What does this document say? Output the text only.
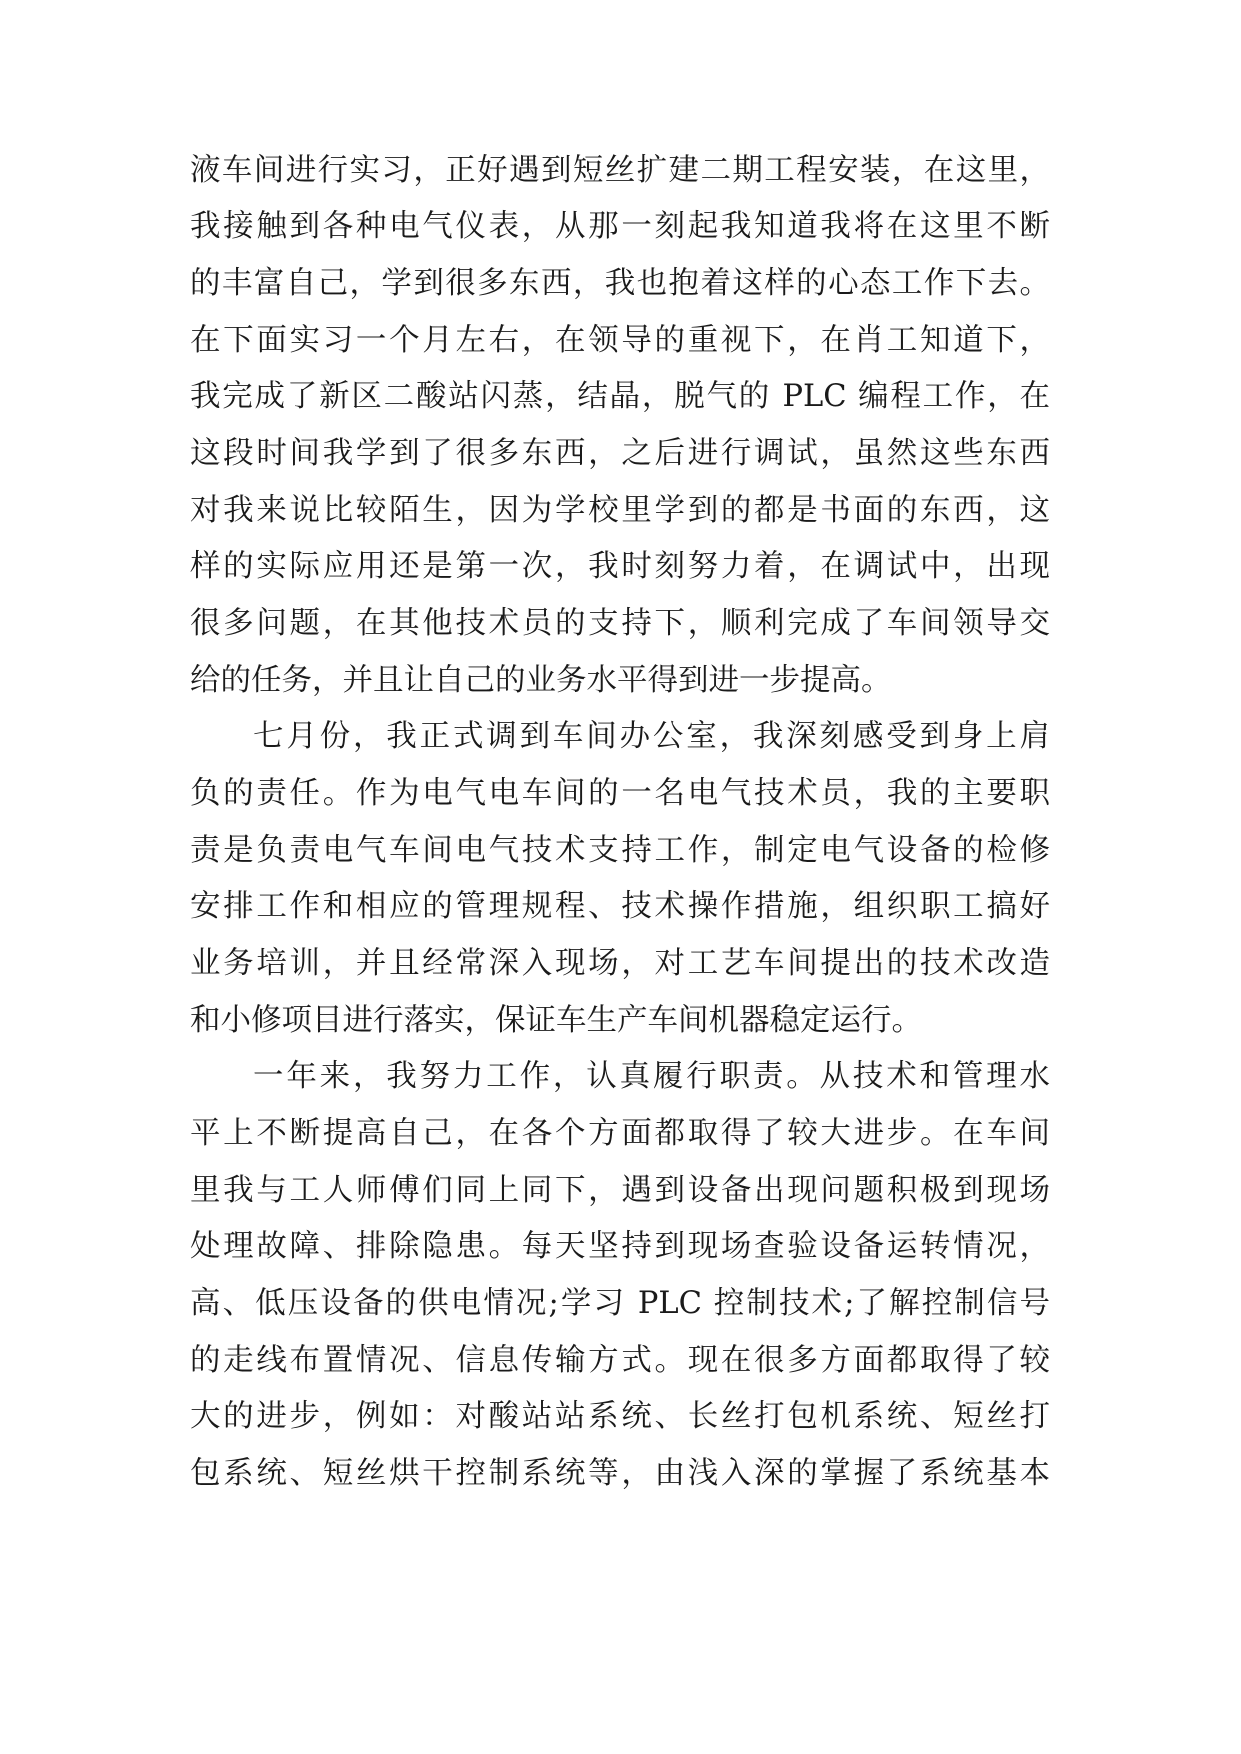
液车间进行实习，正好遇到短丝扩建二期工程安装，在这里，
我接触到各种电气仪表，从那一刻起我知道我将在这里不断
的丰富自己，学到很多东西，我也抱着这样的心态工作下去。
在下面实习一个月左右，在领导的重视下，在肖工知道下，
我完成了新区二酸站闪蒸，结晶，脱气的 PLC 编程工作，在
这段时间我学到了很多东西，之后进行调试，虽然这些东西
对我来说比较陌生，因为学校里学到的都是书面的东西，这
样的实际应用还是第一次，我时刻努力着，在调试中，出现
很多问题，在其他技术员的支持下，顺利完成了车间领导交
给的任务，并且让自己的业务水平得到进一步提高。
七月份，我正式调到车间办公室，我深刻感受到身上肩
负的责任。作为电气电车间的一名电气技术员，我的主要职
责是负责电气车间电气技术支持工作，制定电气设备的检修
安排工作和相应的管理规程、技术操作措施，组织职工搞好
业务培训，并且经常深入现场，对工艺车间提出的技术改造
和小修项目进行落实，保证车生产车间机器稳定运行。
一年来，我努力工作，认真履行职责。从技术和管理水
平上不断提高自己，在各个方面都取得了较大进步。在车间
里我与工人师傅们同上同下，遇到设备出现问题积极到现场
处理故障、排除隐患。每天坚持到现场查验设备运转情况，
高、低压设备的供电情况;学习 PLC 控制技术;了解控制信号
的走线布置情况、信息传输方式。现在很多方面都取得了较
大的进步，例如：对酸站站系统、长丝打包机系统、短丝打
包系统、短丝烘干控制系统等，由浅入深的掌握了系统基本
